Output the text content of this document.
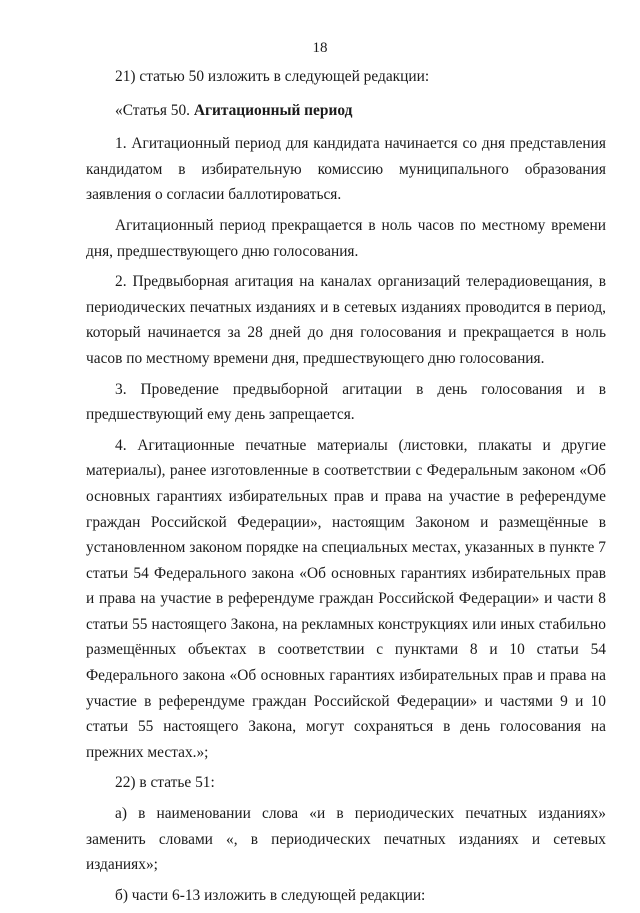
18

21) статью 50 изложить в следующей редакции:

«Статья 50. Агитационный период

1. Агитационный период для кандидата начинается со дня представления кандидатом в избирательную комиссию муниципального образования заявления о согласии баллотироваться.

Агитационный период прекращается в ноль часов по местному времени дня, предшествующего дню голосования.

2. Предвыборная агитация на каналах организаций телерадиовещания, в периодических печатных изданиях и в сетевых изданиях проводится в период, который начинается за 28 дней до дня голосования и прекращается в ноль часов по местному времени дня, предшествующего дню голосования.

3. Проведение предвыборной агитации в день голосования и в предшествующий ему день запрещается.

4. Агитационные печатные материалы (листовки, плакаты и другие материалы), ранее изготовленные в соответствии с Федеральным законом «Об основных гарантиях избирательных прав и права на участие в референдуме граждан Российской Федерации», настоящим Законом и размещённые в установленном законом порядке на специальных местах, указанных в пункте 7 статьи 54 Федерального закона «Об основных гарантиях избирательных прав и права на участие в референдуме граждан Российской Федерации» и части 8 статьи 55 настоящего Закона, на рекламных конструкциях или иных стабильно размещённых объектах в соответствии с пунктами 8 и 10 статьи 54 Федерального закона «Об основных гарантиях избирательных прав и права на участие в референдуме граждан Российской Федерации» и частями 9 и 10 статьи 55 настоящего Закона, могут сохраняться в день голосования на прежних местах.»;

22) в статье 51:

а) в наименовании слова «и в периодических печатных изданиях» заменить словами «, в периодических печатных изданиях и сетевых изданиях»;

б) части 6-13 изложить в следующей редакции:
